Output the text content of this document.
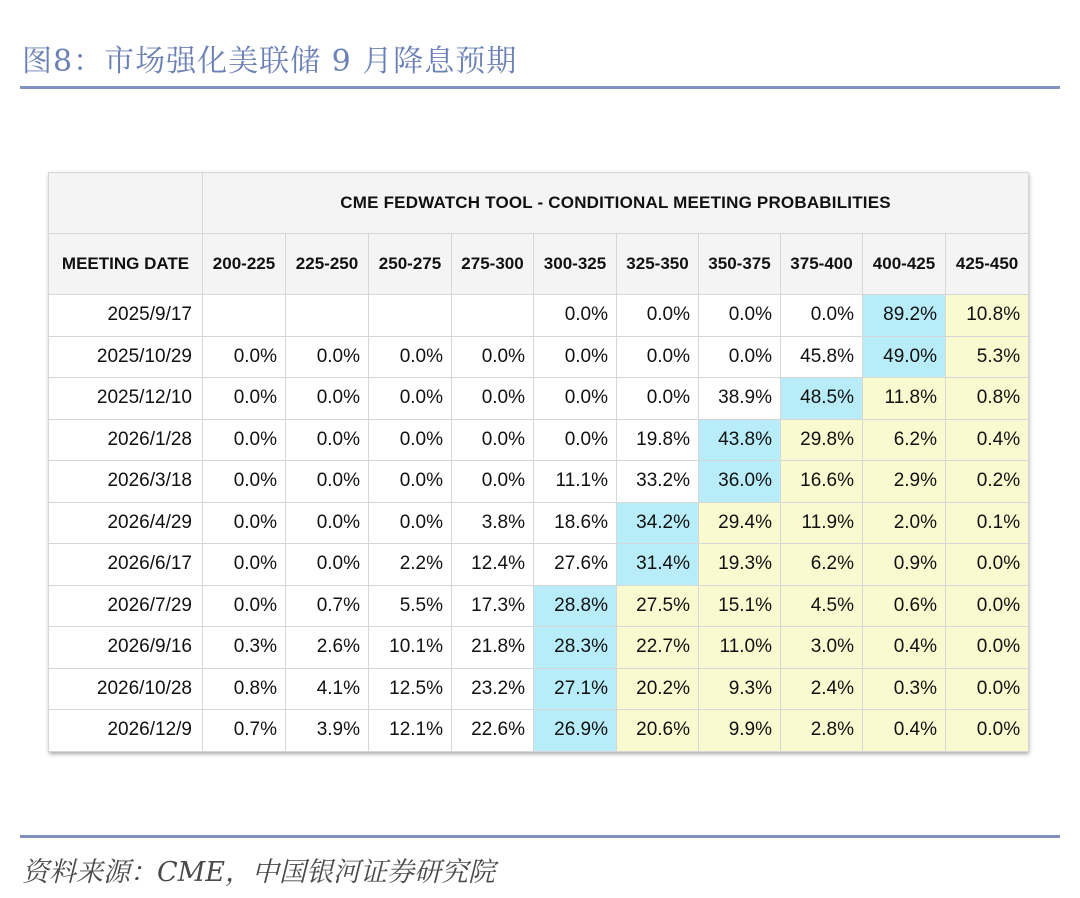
图8：市场强化美联储 9 月降息预期
	CME FEDWATCH TOOL - CONDITIONAL MEETING PROBABILITIES									
MEETING DATE	200-225	225-250	250-275	275-300	300-325	325-350	350-375	375-400	400-425	425-450
2025/9/17					0.0%	0.0%	0.0%	0.0%	89.2%	10.8%
2025/10/29	0.0%	0.0%	0.0%	0.0%	0.0%	0.0%	0.0%	45.8%	49.0%	5.3%
2025/12/10	0.0%	0.0%	0.0%	0.0%	0.0%	0.0%	38.9%	48.5%	11.8%	0.8%
2026/1/28	0.0%	0.0%	0.0%	0.0%	0.0%	19.8%	43.8%	29.8%	6.2%	0.4%
2026/3/18	0.0%	0.0%	0.0%	0.0%	11.1%	33.2%	36.0%	16.6%	2.9%	0.2%
2026/4/29	0.0%	0.0%	0.0%	3.8%	18.6%	34.2%	29.4%	11.9%	2.0%	0.1%
2026/6/17	0.0%	0.0%	2.2%	12.4%	27.6%	31.4%	19.3%	6.2%	0.9%	0.0%
2026/7/29	0.0%	0.7%	5.5%	17.3%	28.8%	27.5%	15.1%	4.5%	0.6%	0.0%
2026/9/16	0.3%	2.6%	10.1%	21.8%	28.3%	22.7%	11.0%	3.0%	0.4%	0.0%
2026/10/28	0.8%	4.1%	12.5%	23.2%	27.1%	20.2%	9.3%	2.4%	0.3%	0.0%
2026/12/9	0.7%	3.9%	12.1%	22.6%	26.9%	20.6%	9.9%	2.8%	0.4%	0.0%
资料来源：CME，中国银河证券研究院
